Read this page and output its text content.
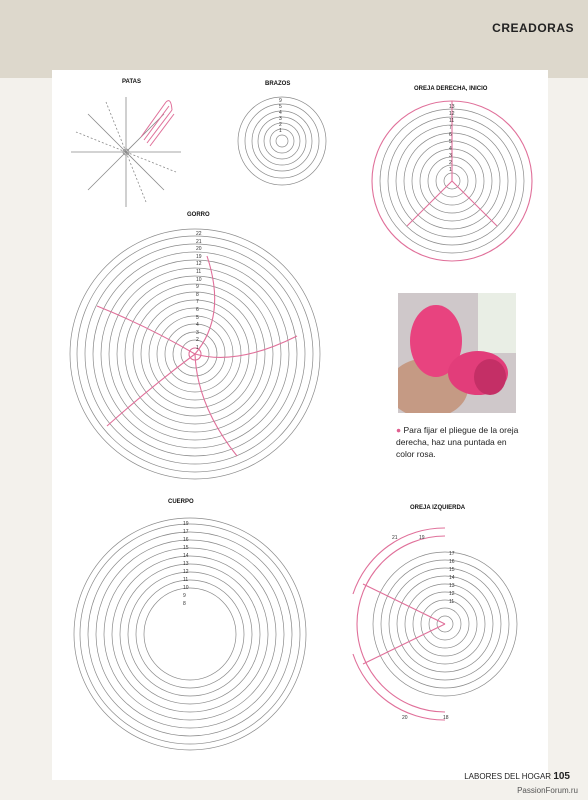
CREADORAS
PATAS	BRAZOS
9
5
4
3
2
1
OREJA DERECHA, INICIO
13
12
11
7
6
5
4
3
2
1
GORRO
22
21
20
19
12
11
10
9
8
7
6
5
4
3
2
1
● Para fijar el pliegue de la oreja derecha, haz una puntada en color rosa.
CUERPO
19
17
16
15
14
13
12
11
10
9
8
OREJA IZQUIERDA
21	19
17
16
15
14
13
12
11
20	18
LABORES DEL HOGAR 105
PassionForum.ru
